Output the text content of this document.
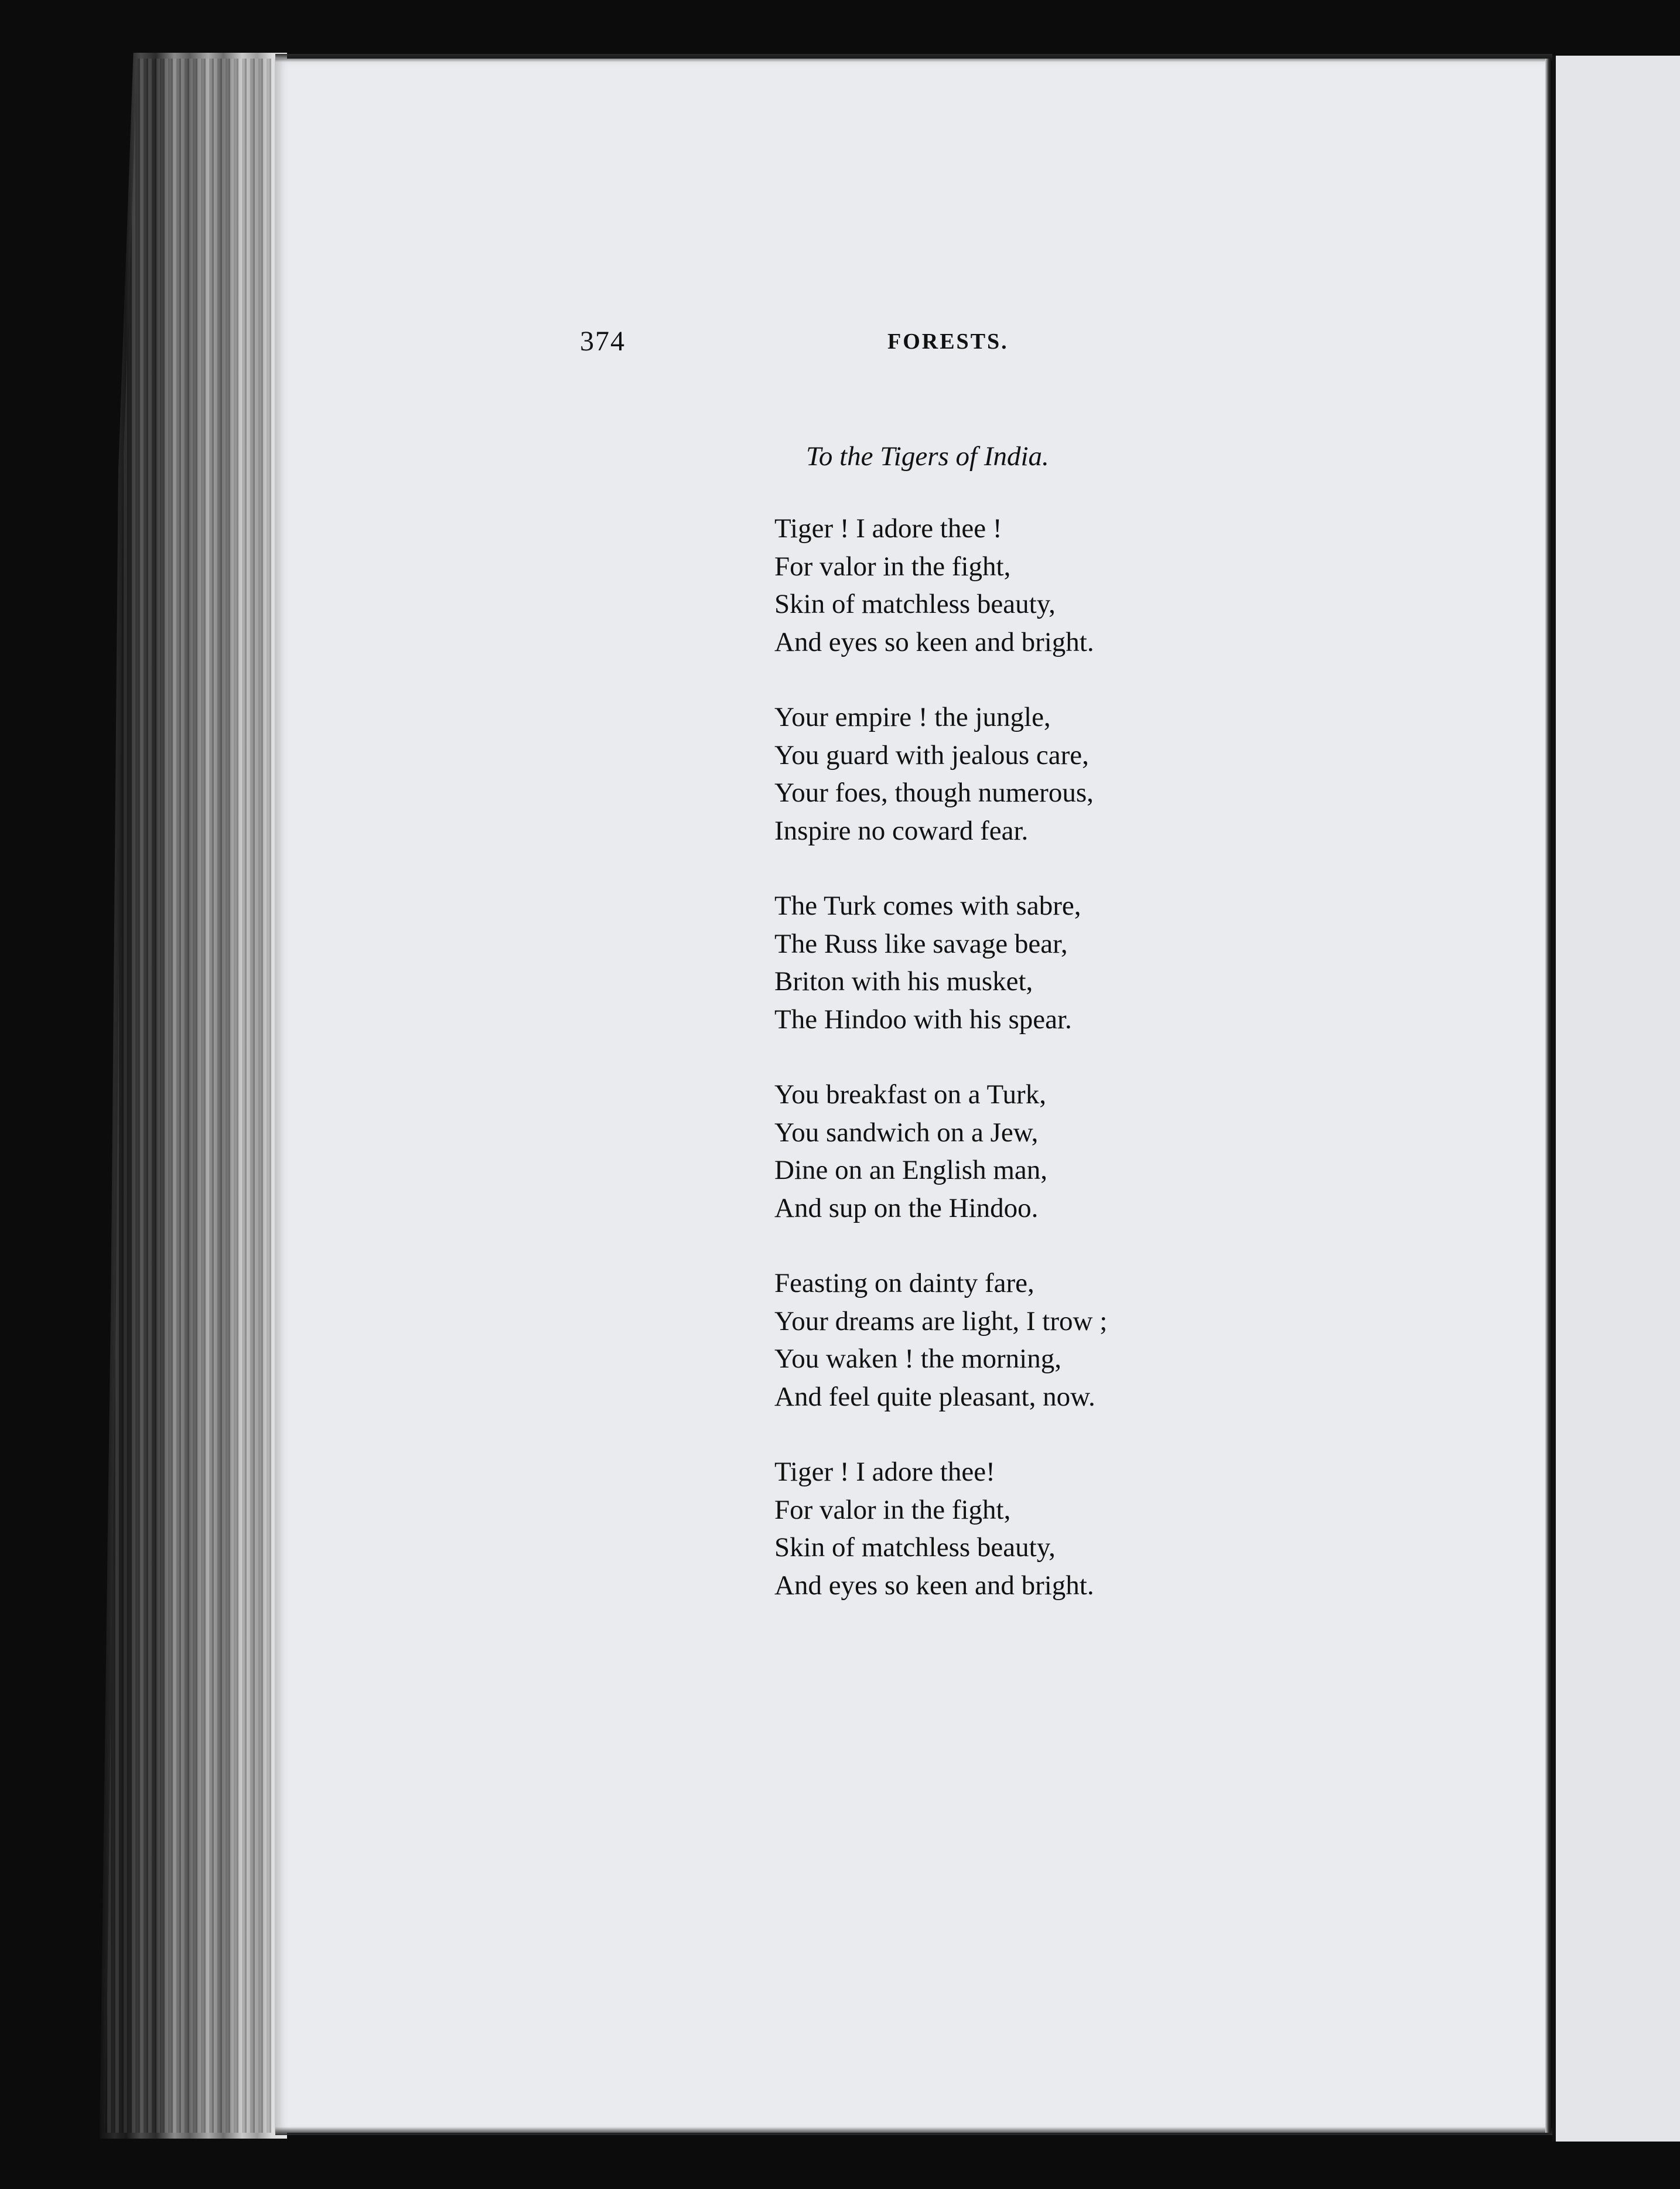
374	FORESTS.
To the Tigers of India.
Tiger ! I adore thee !
For valor in the fight,
Skin of matchless beauty,
And eyes so keen and bright.
Your empire ! the jungle,
You guard with jealous care,
Your foes, though numerous,
Inspire no coward fear.
The Turk comes with sabre,
The Russ like savage bear,
Briton with his musket,
The Hindoo with his spear.
You breakfast on a Turk,
You sandwich on a Jew,
Dine on an English man,
And sup on the Hindoo.
Feasting on dainty fare,
Your dreams are light, I trow ;
You waken ! the morning,
And feel quite pleasant, now.
Tiger ! I adore thee!
For valor in the fight,
Skin of matchless beauty,
And eyes so keen and bright.
